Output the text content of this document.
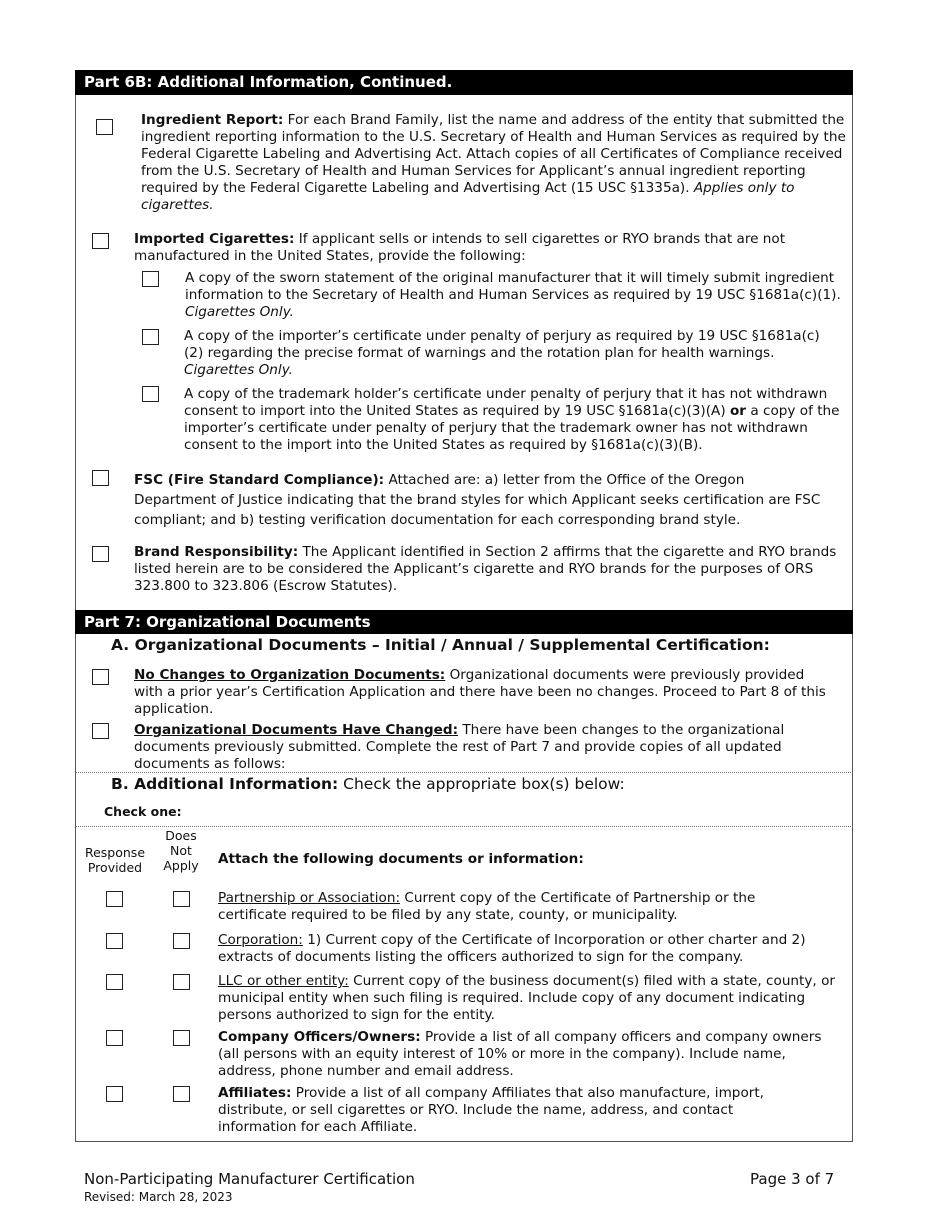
Part 6B: Additional Information, Continued.
Ingredient Report: For each Brand Family, list the name and address of the entity that submitted the ingredient reporting information to the U.S. Secretary of Health and Human Services as required by the Federal Cigarette Labeling and Advertising Act. Attach copies of all Certificates of Compliance received from the U.S. Secretary of Health and Human Services for Applicant’s annual ingredient reporting required by the Federal Cigarette Labeling and Advertising Act (15 USC §1335a). Applies only to cigarettes.
Imported Cigarettes: If applicant sells or intends to sell cigarettes or RYO brands that are not manufactured in the United States, provide the following:
A copy of the sworn statement of the original manufacturer that it will timely submit ingredient information to the Secretary of Health and Human Services as required by 19 USC §1681a(c)(1). Cigarettes Only.
A copy of the importer’s certificate under penalty of perjury as required by 19 USC §1681a(c)(2) regarding the precise format of warnings and the rotation plan for health warnings. Cigarettes Only.
A copy of the trademark holder’s certificate under penalty of perjury that it has not withdrawn consent to import into the United States as required by 19 USC §1681a(c)(3)(A) or a copy of the importer’s certificate under penalty of perjury that the trademark owner has not withdrawn consent to the import into the United States as required by §1681a(c)(3)(B).
FSC (Fire Standard Compliance): Attached are: a) letter from the Office of the Oregon Department of Justice indicating that the brand styles for which Applicant seeks certification are FSC compliant; and b) testing verification documentation for each corresponding brand style.
Brand Responsibility: The Applicant identified in Section 2 affirms that the cigarette and RYO brands listed herein are to be considered the Applicant’s cigarette and RYO brands for the purposes of ORS 323.800 to 323.806 (Escrow Statutes).
Part 7: Organizational Documents
A. Organizational Documents – Initial / Annual / Supplemental Certification:
No Changes to Organization Documents: Organizational documents were previously provided with a prior year’s Certification Application and there have been no changes. Proceed to Part 8 of this application.
Organizational Documents Have Changed: There have been changes to the organizational documents previously submitted. Complete the rest of Part 7 and provide copies of all updated documents as follows:
B. Additional Information: Check the appropriate box(s) below:
Check one:
Response Provided
Does Not Apply	Attach the following documents or information:
Partnership or Association: Current copy of the Certificate of Partnership or the certificate required to be filed by any state, county, or municipality.
Corporation: 1) Current copy of the Certificate of Incorporation or other charter and 2) extracts of documents listing the officers authorized to sign for the company.
LLC or other entity: Current copy of the business document(s) filed with a state, county, or municipal entity when such filing is required. Include copy of any document indicating persons authorized to sign for the entity.
Company Officers/Owners: Provide a list of all company officers and company owners (all persons with an equity interest of 10% or more in the company). Include name, address, phone number and email address.
Affiliates: Provide a list of all company Affiliates that also manufacture, import, distribute, or sell cigarettes or RYO. Include the name, address, and contact information for each Affiliate.
Non-Participating Manufacturer Certification
Revised: March 28, 2023
Page 3 of 7
